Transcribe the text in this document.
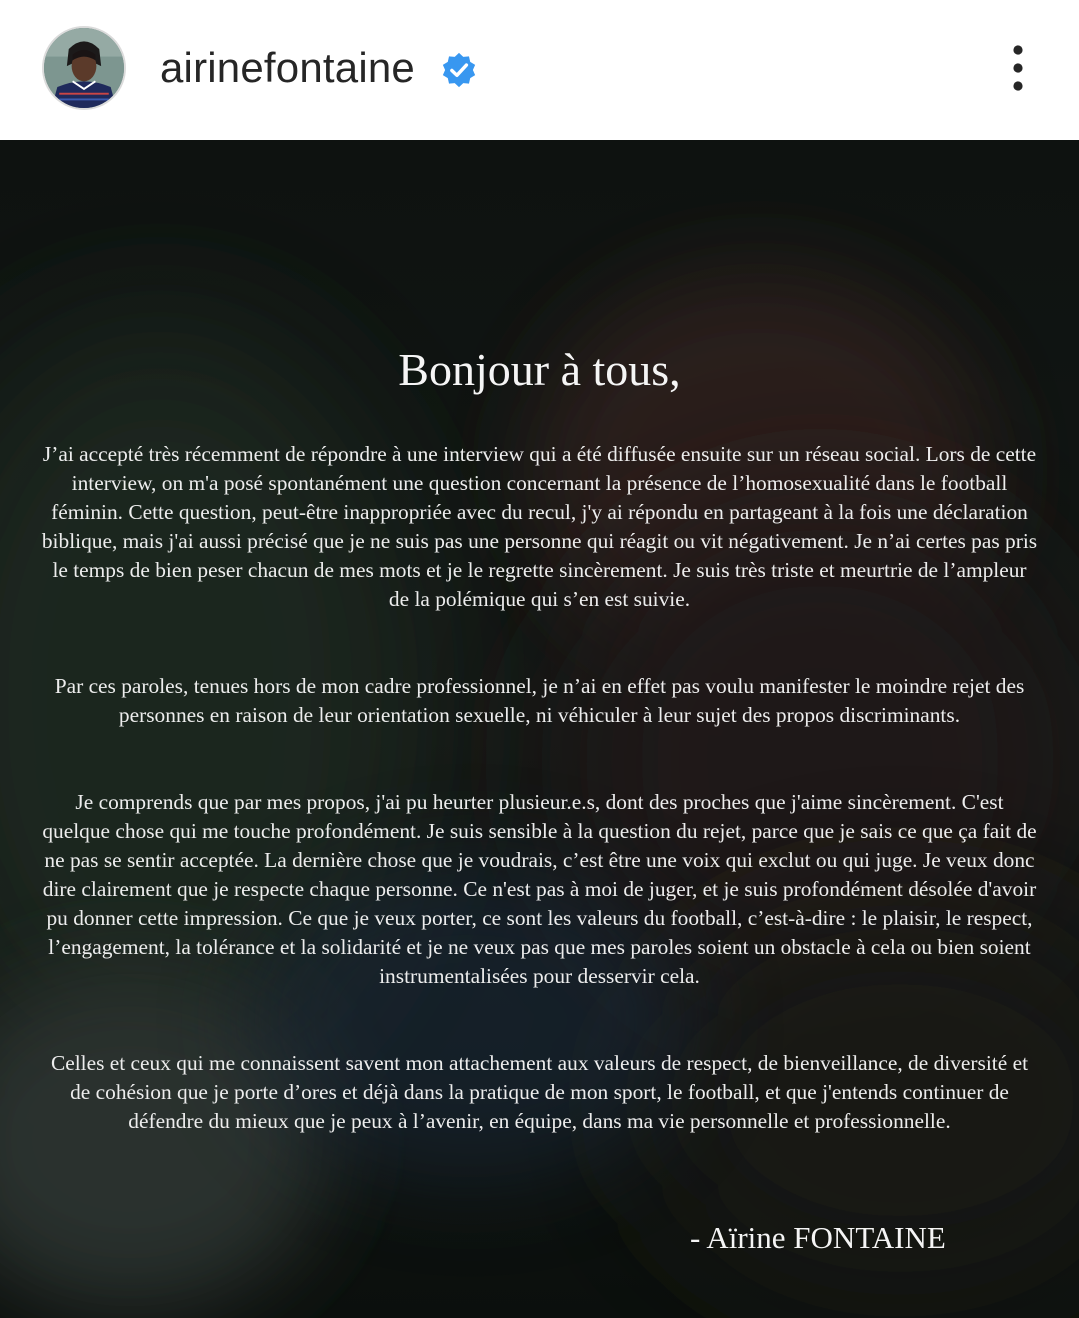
airinefontaine
Bonjour à tous,
J’ai accepté très récemment de répondre à une interview qui a été diffusée ensuite sur un réseau social. Lors de cette interview, on m'a posé spontanément une question concernant la présence de l’homosexualité dans le football féminin. Cette question, peut-être inappropriée avec du recul, j'y ai répondu en partageant à la fois une déclaration biblique, mais j'ai aussi précisé que je ne suis pas une personne qui réagit ou vit négativement. Je n’ai certes pas pris le temps de bien peser chacun de mes mots et je le regrette sincèrement. Je suis très triste et meurtrie de l’ampleur de la polémique qui s’en est suivie.
Par ces paroles, tenues hors de mon cadre professionnel, je n’ai en effet pas voulu manifester le moindre rejet des personnes en raison de leur orientation sexuelle, ni véhiculer à leur sujet des propos discriminants.
Je comprends que par mes propos, j'ai pu heurter plusieur.e.s, dont des proches que j'aime sincèrement. C'est quelque chose qui me touche profondément. Je suis sensible à la question du rejet, parce que je sais ce que ça fait de ne pas se sentir acceptée. La dernière chose que je voudrais, c’est être une voix qui exclut ou qui juge. Je veux donc dire clairement que je respecte chaque personne. Ce n'est pas à moi de juger, et je suis profondément désolée d'avoir pu donner cette impression. Ce que je veux porter, ce sont les valeurs du football, c’est-à-dire : le plaisir, le respect, l’engagement, la tolérance et la solidarité et je ne veux pas que mes paroles soient un obstacle à cela ou bien soient instrumentalisées pour desservir cela.
Celles et ceux qui me connaissent savent mon attachement aux valeurs de respect, de bienveillance, de diversité et de cohésion que je porte d’ores et déjà dans la pratique de mon sport, le football, et que j'entends continuer de défendre du mieux que je peux à l’avenir, en équipe, dans ma vie personnelle et professionnelle.
- Aïrine FONTAINE
